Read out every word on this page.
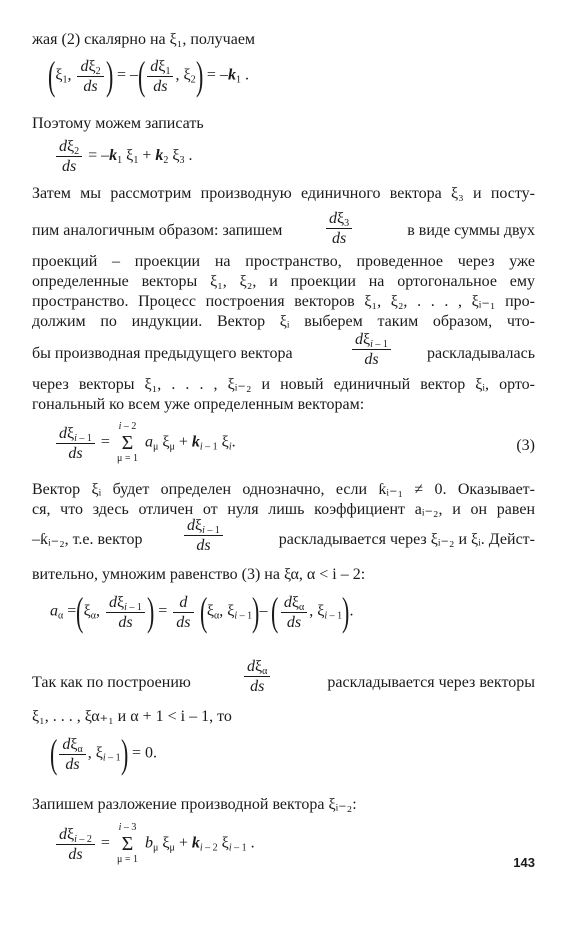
жая (2) скалярно на ξ₁, получаем
($\xi_1$, $\frac{d\xi_2}{ds}$ ) = –( $\frac{d\xi_1}{ds}$ , $\xi_2) = -k_1$ .
Поэтому можем записать
$\frac{d\xi_2}{ds} = -k_1$ $\xi_1 + k_2$ $\xi_3$ .
Затем мы рассмотрим производную единичного вектора ξ₃ и посту-
пим аналогичным образом: запишем	$\frac{d\xi_3}{ds}$	в виде суммы двух
проекций – проекции на пространство, проведенное через уже
определенные векторы ξ₁, ξ₂, и проекции на ортогональное ему
пространство. Процесс построения векторов ξ₁, ξ₂, . . . , ξᵢ₋₁ про-
должим по индукции. Вектор ξᵢ выберем таким образом, что-
бы производная предыдущего вектора
$d\xi_{i - 1}$
ds	раскладывалась
через векторы ξ₁, . . . , ξᵢ₋₂ и новый единичный вектор ξᵢ, орто-
гональный ко всем уже определенным векторам:
$\frac{d\xi_{i - 1}}{ds}$ =
i – 2
Σ
μ = 1
$a_\mu$ $\xi_\mu + k_{i - 1}$ $\xi_i$.	(3)
Вектор ξᵢ будет определен однозначно, если ƙᵢ₋₁ ≠ 0. Оказывает-
ся, что здесь отличен от нуля лишь коэффициент aᵢ₋₂, и он равен
–ƙᵢ₋₂, т.е. вектор
$d\xi_{i - 1}$
ds	раскладывается через ξᵢ₋₂ и ξᵢ. Дейст-
вительно, умножим равенство (3) на ξα, α < i – 2:
$a_\alpha =(\xi_\alpha$, $\frac{d\xi_{i - 1}}{ds}$ ) = $\frac{d}{ds} (\xi_\alpha$, $\xi_{i - 1})-$ ( $\frac{d\xi_\alpha}{ds}$ , $\xi_{i - 1}$).
Так как по построению
$d\xi_\alpha$
ds	раскладывается через векторы
ξ₁, . . . , ξα₊₁ и α + 1 < i – 1, то
( $\frac{d\xi_\alpha}{ds}$ , $\xi_{i - 1}) = 0$.
Запишем разложение производной вектора ξᵢ₋₂:
$\frac{d\xi_{i - 2}}{ds}$ =
i – 3
Σ
μ = 1
$b_\mu$ $\xi_\mu + k_{i - 2}$ $\xi_{i - 1}$ .
143
